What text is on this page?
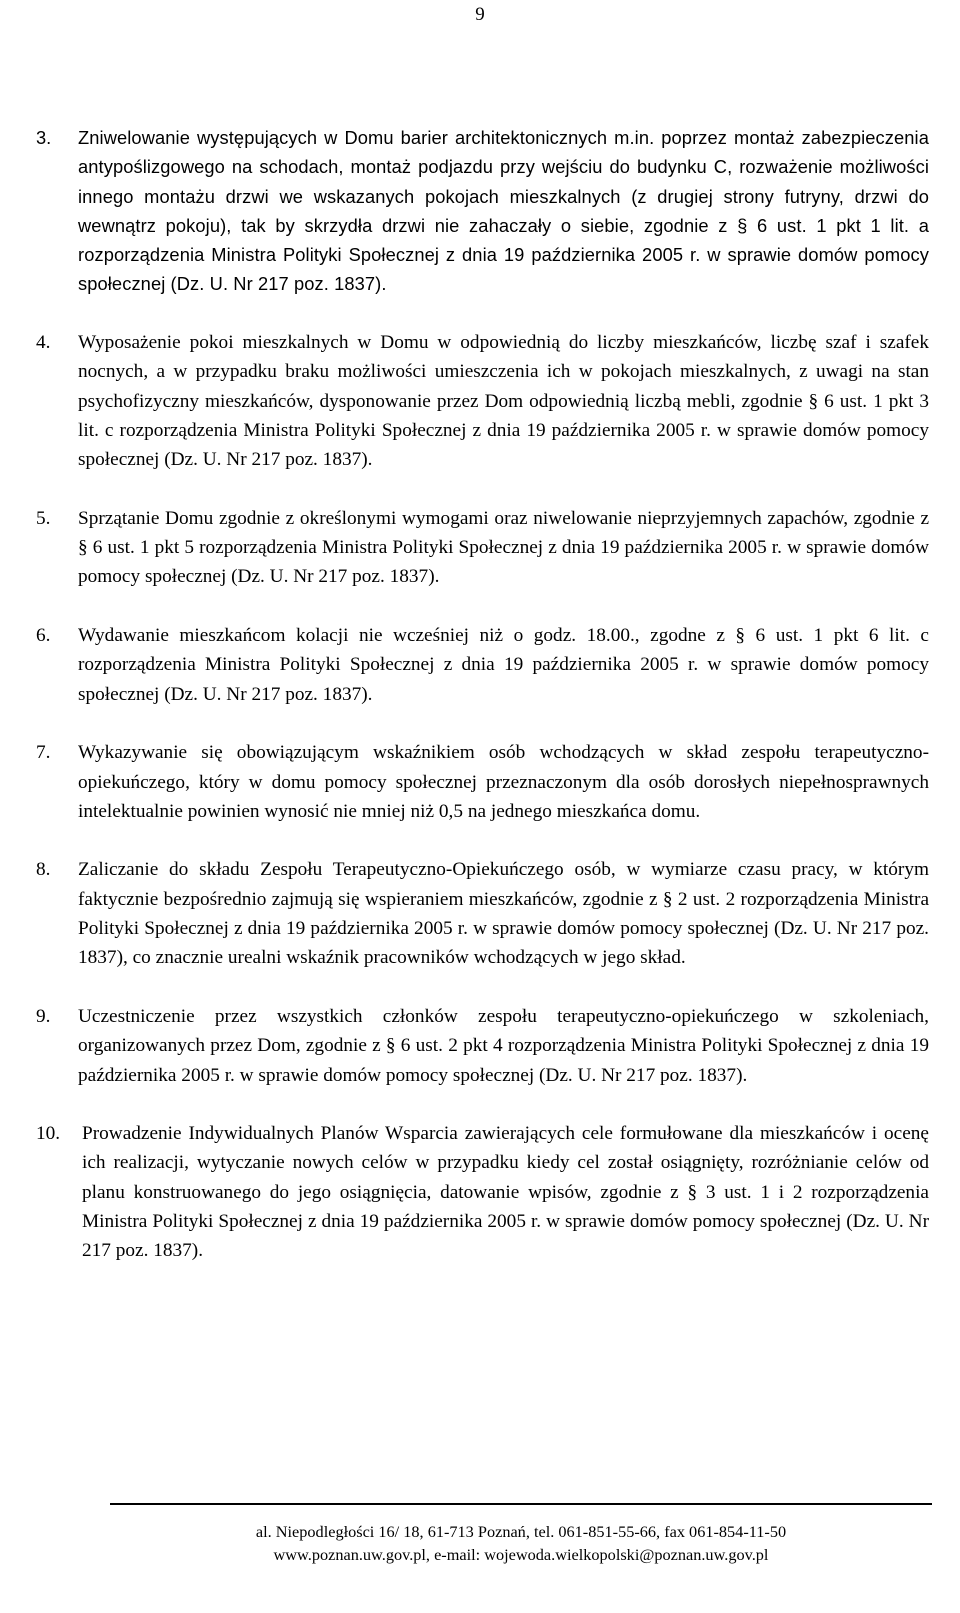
9
3.	Zniwelowanie występujących w Domu barier architektonicznych m.in. poprzez montaż zabezpieczenia antypoślizgowego na schodach, montaż podjazdu przy wejściu do budynku C, rozważenie możliwości innego montażu drzwi we wskazanych pokojach mieszkalnych (z drugiej strony futryny, drzwi do wewnątrz pokoju), tak by skrzydła drzwi nie zahaczały o siebie, zgodnie z § 6 ust. 1 pkt 1 lit. a rozporządzenia Ministra Polityki Społecznej z dnia 19 października 2005 r. w sprawie domów pomocy społecznej (Dz. U. Nr 217 poz. 1837).
4.	Wyposażenie pokoi mieszkalnych w Domu w odpowiednią do liczby mieszkańców, liczbę szaf i szafek nocnych, a w przypadku braku możliwości umieszczenia ich w pokojach mieszkalnych, z uwagi na stan psychofizyczny mieszkańców, dysponowanie przez Dom odpowiednią liczbą mebli, zgodnie § 6 ust. 1 pkt 3 lit. c rozporządzenia Ministra Polityki Społecznej z dnia 19 października 2005 r. w sprawie domów pomocy społecznej (Dz. U. Nr 217 poz. 1837).
5.	Sprzątanie Domu zgodnie z określonymi wymogami oraz niwelowanie nieprzyjemnych zapachów, zgodnie z § 6 ust. 1 pkt 5 rozporządzenia Ministra Polityki Społecznej z dnia 19 października 2005 r. w sprawie domów pomocy społecznej (Dz. U. Nr 217 poz. 1837).
6.	Wydawanie mieszkańcom kolacji nie wcześniej niż o godz. 18.00., zgodne z § 6 ust. 1 pkt 6 lit. c rozporządzenia Ministra Polityki Społecznej z dnia 19 października 2005 r. w sprawie domów pomocy społecznej (Dz. U. Nr 217 poz. 1837).
7.	Wykazywanie się obowiązującym wskaźnikiem osób wchodzących w skład zespołu terapeutyczno-opiekuńczego, który w domu pomocy społecznej przeznaczonym dla osób dorosłych niepełnosprawnych intelektualnie powinien wynosić nie mniej niż 0,5 na jednego mieszkańca domu.
8.	Zaliczanie do składu Zespołu Terapeutyczno-Opiekuńczego osób, w wymiarze czasu pracy, w którym faktycznie bezpośrednio zajmują się wspieraniem mieszkańców, zgodnie z § 2 ust. 2 rozporządzenia Ministra Polityki Społecznej z dnia 19 października 2005 r. w sprawie domów pomocy społecznej (Dz. U. Nr 217 poz. 1837), co znacznie urealni wskaźnik pracowników wchodzących w jego skład.
9.	Uczestniczenie przez wszystkich członków zespołu terapeutyczno-opiekuńczego w szkoleniach, organizowanych przez Dom, zgodnie z § 6 ust. 2 pkt 4 rozporządzenia Ministra Polityki Społecznej z dnia 19 października 2005 r. w sprawie domów pomocy społecznej (Dz. U. Nr 217 poz. 1837).
10.	Prowadzenie Indywidualnych Planów Wsparcia zawierających cele formułowane dla mieszkańców i ocenę ich realizacji, wytyczanie nowych celów w przypadku kiedy cel został osiągnięty, rozróżnianie celów od planu konstruowanego do jego osiągnięcia, datowanie wpisów, zgodnie z § 3 ust. 1 i 2 rozporządzenia Ministra Polityki Społecznej z dnia 19 października 2005 r. w sprawie domów pomocy społecznej (Dz. U. Nr 217 poz. 1837).
al. Niepodległości 16/ 18, 61-713 Poznań, tel. 061-851-55-66, fax 061-854-11-50
www.poznan.uw.gov.pl, e-mail: wojewoda.wielkopolski@poznan.uw.gov.pl
